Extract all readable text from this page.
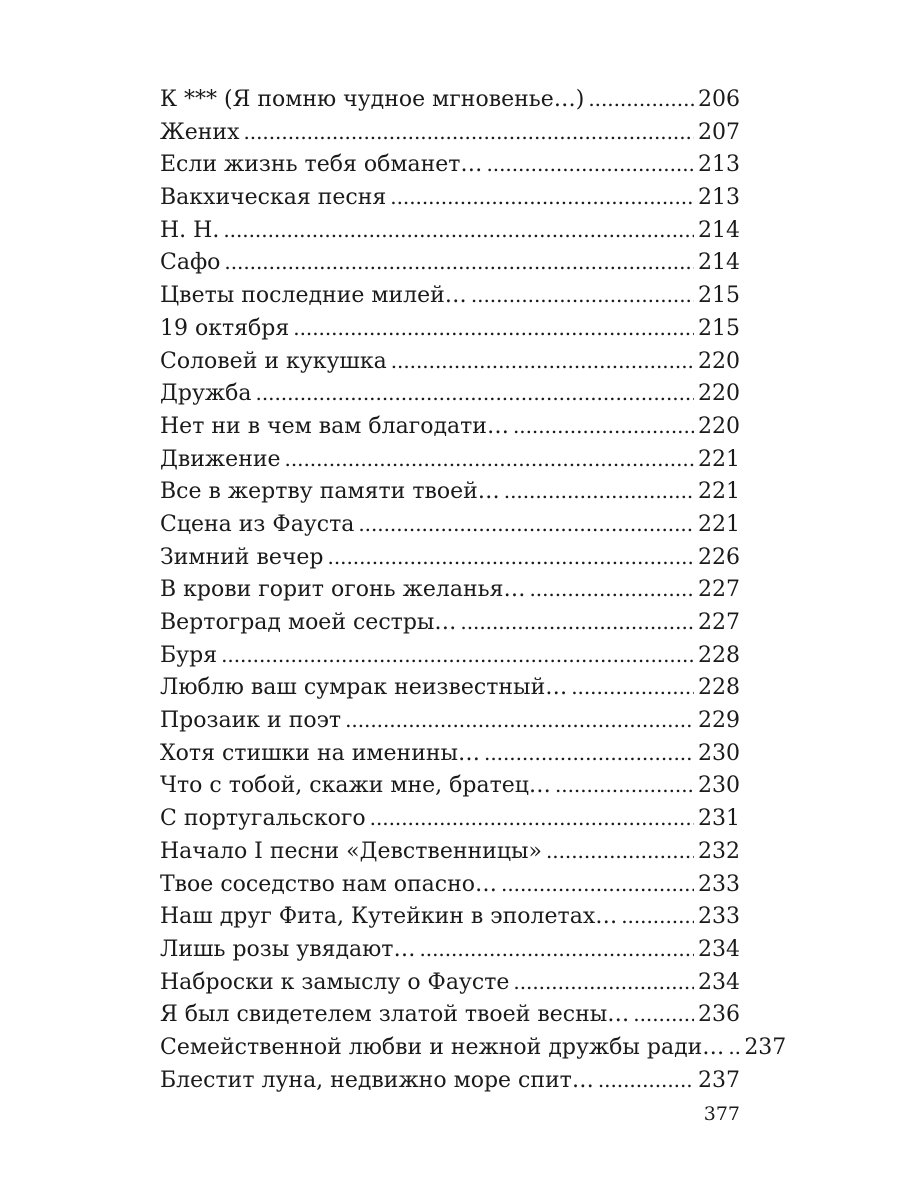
К *** (Я помню чудное мгновенье…) . . .	206
Жених . . .	207
Если жизнь тебя обманет… . . .	213
Вакхическая песня . . .	213
Н. Н. . . .	214
Сафо . . .	214
Цветы последние милей… . . .	215
19 октября . . .	215
Соловей и кукушка . . .	220
Дружба . . .	220
Нет ни в чем вам благодати… . . .	220
Движение . . .	221
Все в жертву памяти твоей… . . .	221
Сцена из Фауста . . .	221
Зимний вечер . . .	226
В крови горит огонь желанья… . . .	227
Вертоград моей сестры… . . .	227
Буря . . .	228
Люблю ваш сумрак неизвестный… . . .	228
Прозаик и поэт . . .	229
Хотя стишки на именины… . . .	230
Что с тобой, скажи мне, братец… . . .	230
С португальского . . .	231
Начало I песни «Девственницы» . . .	232
Твое соседство нам опасно… . . .	233
Наш друг Фита, Кутейкин в эполетах… . . .	233
Лишь розы увядают… . . .	234
Наброски к замыслу о Фаусте . . .	234
Я был свидетелем златой твоей весны… . . .	236
Семейственной любви и нежной дружбы ради… . . . 237
Блестит луна, недвижно море спит… . . .	237
377
